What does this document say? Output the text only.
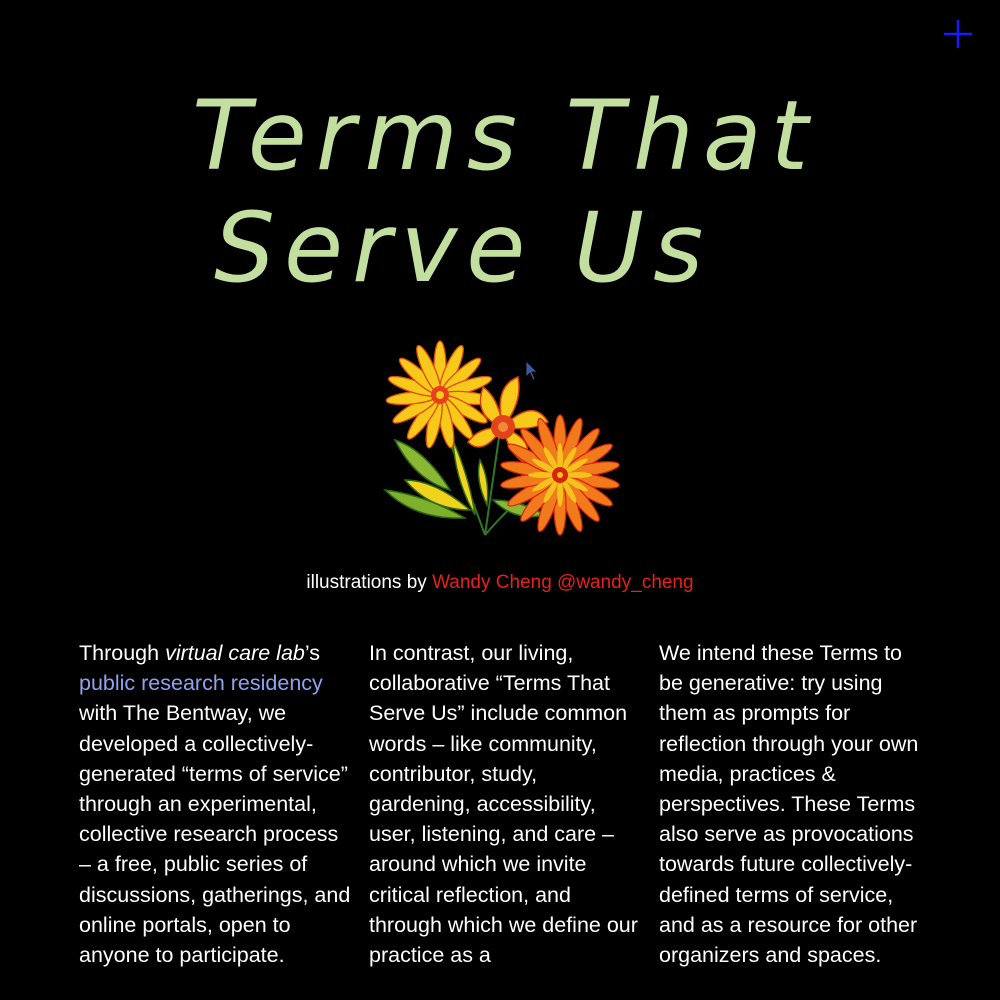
Terms That
Serve Us
illustrations by Wandy Cheng @wandy_cheng
Through virtual care lab’s public research residency with The Bentway, we developed a collectively-generated “terms of service” through an experimental, collective research process – a free, public series of discussions, gatherings, and online portals, open to anyone to participate.
In contrast, our living, collaborative “Terms That Serve Us” include common words – like community, contributor, study, gardening, accessibility, user, listening, and care – around which we invite critical reflection, and through which we define our practice as a
We intend these Terms to be generative: try using them as prompts for reflection through your own media, practices & perspectives. These Terms also serve as provocations towards future collectively-defined terms of service, and as a resource for other organizers and spaces.
